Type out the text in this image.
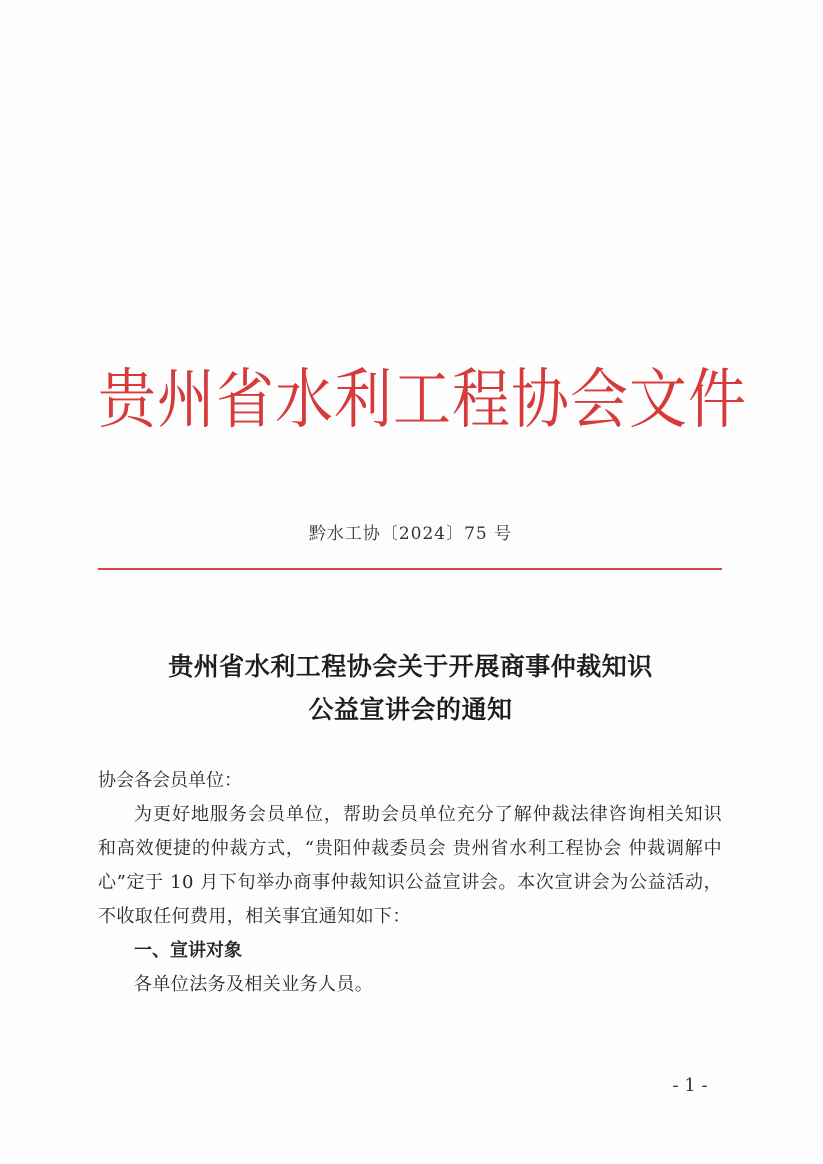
贵州省水利工程协会文件
黔水工协〔2024〕75 号
贵州省水利工程协会关于开展商事仲裁知识
公益宣讲会的通知

协会各会员单位：

为更好地服务会员单位，帮助会员单位充分了解仲裁法律咨询相关知识和高效便捷的仲裁方式，“贵阳仲裁委员会 贵州省水利工程协会 仲裁调解中心”定于 10 月下旬举办商事仲裁知识公益宣讲会。本次宣讲会为公益活动，不收取任何费用，相关事宜通知如下：

一、宣讲对象

各单位法务及相关业务人员。

- 1 -
